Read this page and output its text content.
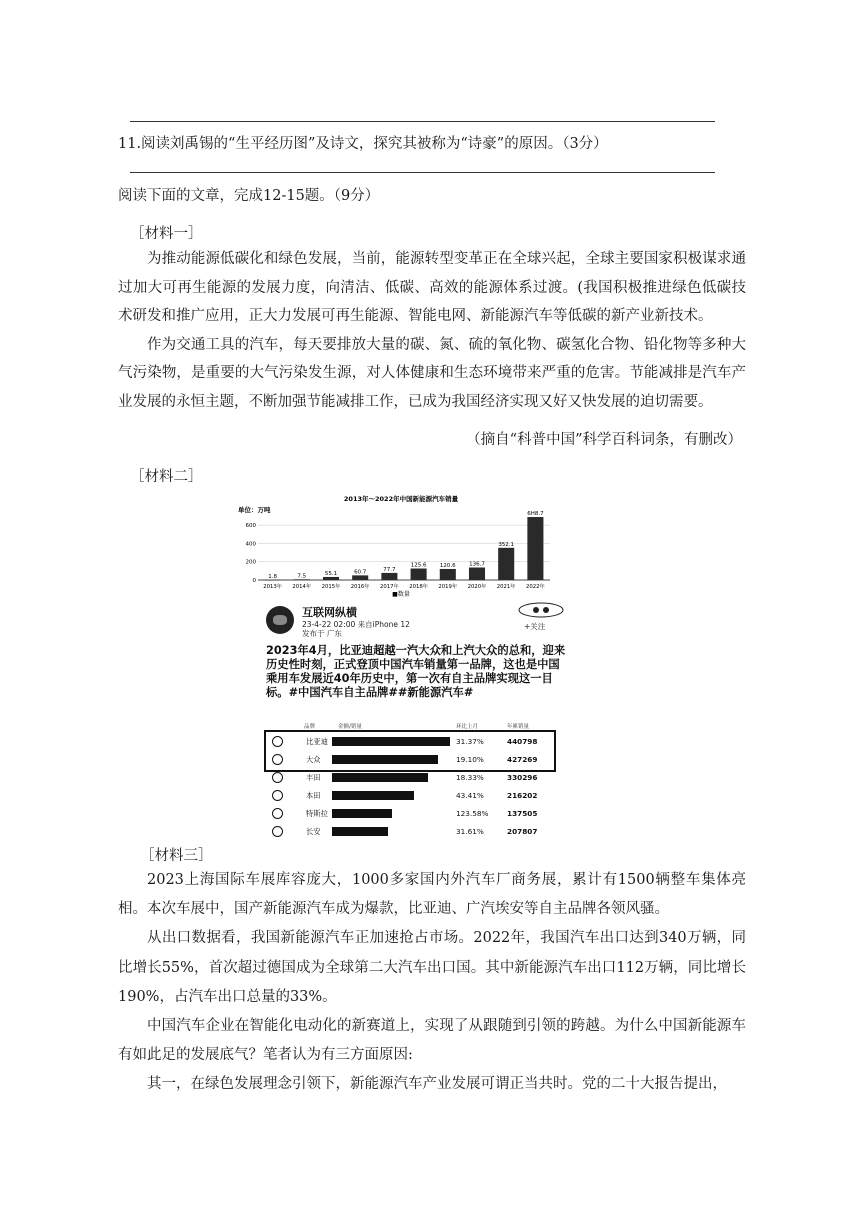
11.阅读刘禹锡的“生平经历图”及诗文，探究其被称为“诗豪”的原因。（3分）
阅读下面的文章，完成12-15题。（9分）
［材料一］

为推动能源低碳化和绿色发展，当前，能源转型变革正在全球兴起，全球主要国家积极谋求通过加大可再生能源的发展力度，向清洁、低碳、高效的能源体系过渡。(我国积极推进绿色低碳技术研发和推广应用，正大力发展可再生能源、智能电网、新能源汽车等低碳的新产业新技术。

作为交通工具的汽车，每天要排放大量的碳、氮、硫的氧化物、碳氢化合物、铅化物等多种大气污染物，是重要的大气污染发生源，对人体健康和生态环境带来严重的危害。节能减排是汽车产业发展的永恒主题，不断加强节能减排工作，已成为我国经济实现又好又快发展的迫切需要。

（摘自“科普中国”科学百科词条，有删改）
［材料二］
2013年～2022年中国新能源汽车销量
单位：万吨
0
200
400
600
1.8
2013年
7.5
2014年
55.1
2015年
60.7
2016年
77.7
2017年
125.6
2018年
120.6
2019年
136.7
2020年
352.1
2021年
6H8.7
2022年
■数量
互联网纵横
23-4-22 02:00 来自iPhone 12
发布于 广东
+关注
2023年4月，比亚迪超越一汽大众和上汽大众的总和，迎来历史性时刻，正式登顶中国汽车销量第一品牌，这也是中国乘用车发展近40年历史中，第一次有自主品牌实现这一目标。#中国汽车自主品牌##新能源汽车#
品牌	金额/销量	环比上月	年累销量
比亚迪	31.37%	440798
大众	19.10%	427269
丰田	18.33%	330296
本田	43.41%	216202
特斯拉	123.58%	137505
长安	31.61%	207807
［材料三］

2023上海国际车展库容庞大，1000多家国内外汽车厂商务展，累计有1500辆整车集体亮相。本次车展中，国产新能源汽车成为爆款，比亚迪、广汽埃安等自主品牌各领风骚。

从出口数据看，我国新能源汽车正加速抢占市场。2022年，我国汽车出口达到340万辆，同比增长55%，首次超过德国成为全球第二大汽车出口国。其中新能源汽车出口112万辆，同比增长190%，占汽车出口总量的33%。

中国汽车企业在智能化电动化的新赛道上，实现了从跟随到引领的跨越。为什么中国新能源车有如此足的发展底气？笔者认为有三方面原因:

其一，在绿色发展理念引领下，新能源汽车产业发展可谓正当共时。党的二十大报告提出，
